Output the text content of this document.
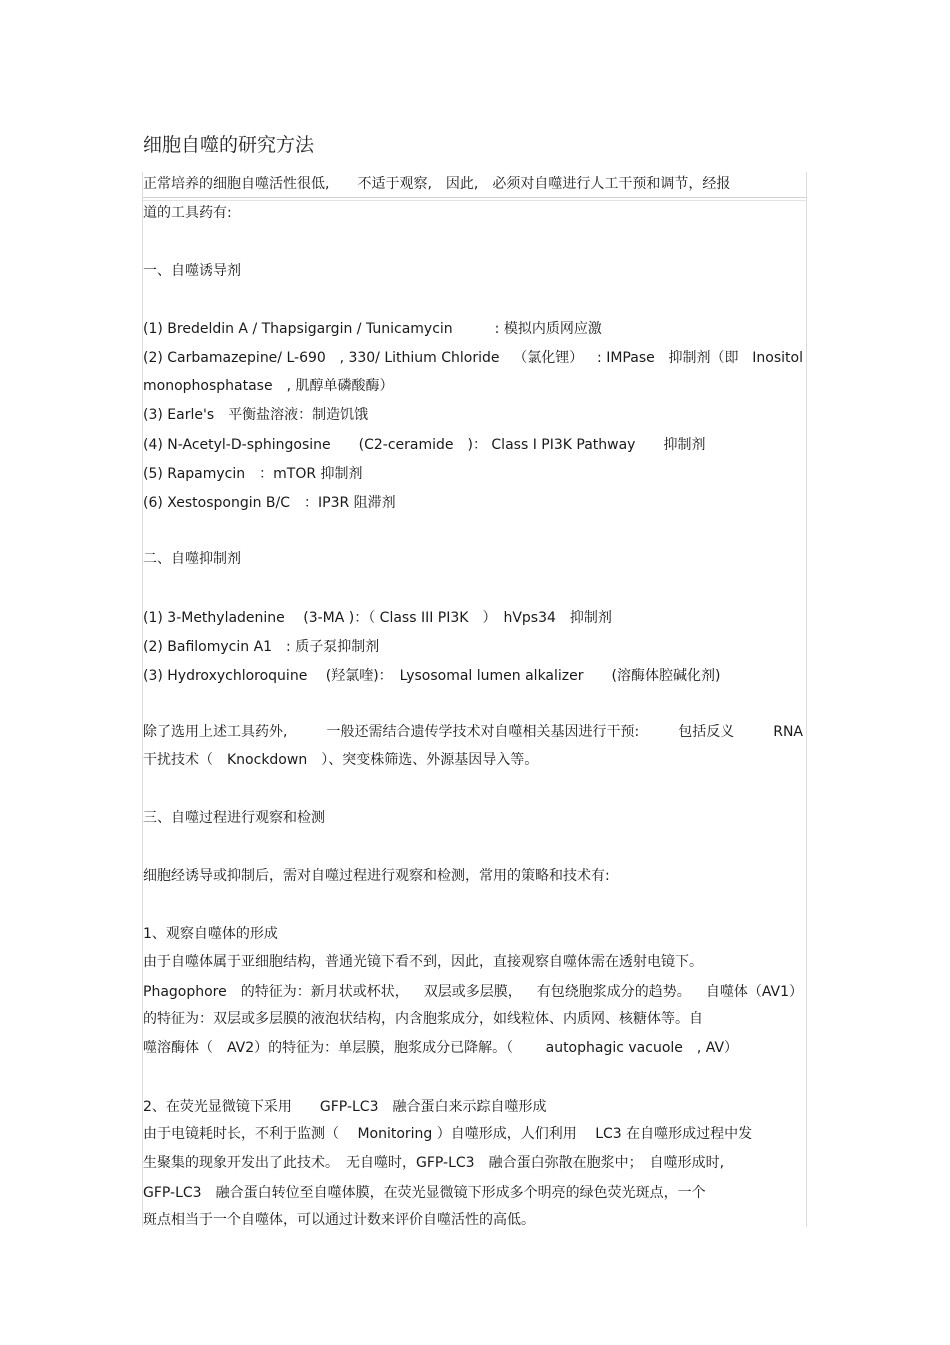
细胞自噬的研究方法
正常培养的细胞自噬活性很低,　　不适于观察,　因此,　必须对自噬进行人工干预和调节，经报
道的工具药有:
一、自噬诱导剂
(1) Bredeldin A / Thapsigargin / Tunicamycin　　　: 模拟内质网应激
(2) Carbamazepine/ L-690 , 330/ Lithium Chloride （氯化锂） : IMPase 抑制剂（即 Inositol
monophosphatase　, 肌醇单磷酸酶）
(3) Earle's　平衡盐溶液：制造饥饿
(4) N-Acetyl-D-sphingosine　　(C2-ceramide　)： Class I PI3K Pathway　　抑制剂
(5) Rapamycin　：mTOR 抑制剂
(6) Xestospongin B/C　：IP3R 阻滞剂
二、自噬抑制剂
(1) 3-Methyladenine　 (3-MA )：（ Class III PI3K　）　hVps34　抑制剂
(2) Bafilomycin A1　: 质子泵抑制剂
(3) Hydroxychloroquine　 (羟氯喹)：　Lysosomal lumen alkalizer　　(溶酶体腔碱化剂)
除了选用上述工具药外,	一般还需结合遗传学技术对自噬相关基因进行干预:	包括反义	RNA
干扰技术（　Knockdown　）、突变株筛选、外源基因导入等。
三、自噬过程进行观察和检测
细胞经诱导或抑制后，需对自噬过程进行观察和检测，常用的策略和技术有:
1、观察自噬体的形成
由于自噬体属于亚细胞结构，普通光镜下看不到，因此，直接观察自噬体需在透射电镜下。
Phagophore　的特征为：新月状或杯状， 双层或多层膜， 有包绕胞浆成分的趋势。 自噬体（AV1）
的特征为：双层或多层膜的液泡状结构，内含胞浆成分，如线粒体、内质网、核糖体等。自
噬溶酶体（　AV2）的特征为：单层膜，胞浆成分已降解。（　　 autophagic vacuole　, AV）
2、在荧光显微镜下采用　　GFP-LC3　融合蛋白来示踪自噬形成
由于电镜耗时长，不利于监测（　 Monitoring ）自噬形成，人们利用　 LC3 在自噬形成过程中发
生聚集的现象开发出了此技术。　无自噬时，GFP-LC3　融合蛋白弥散在胞浆中；　自噬形成时,
GFP-LC3　融合蛋白转位至自噬体膜，在荧光显微镜下形成多个明亮的绿色荧光斑点，一个
斑点相当于一个自噬体，可以通过计数来评价自噬活性的高低。
